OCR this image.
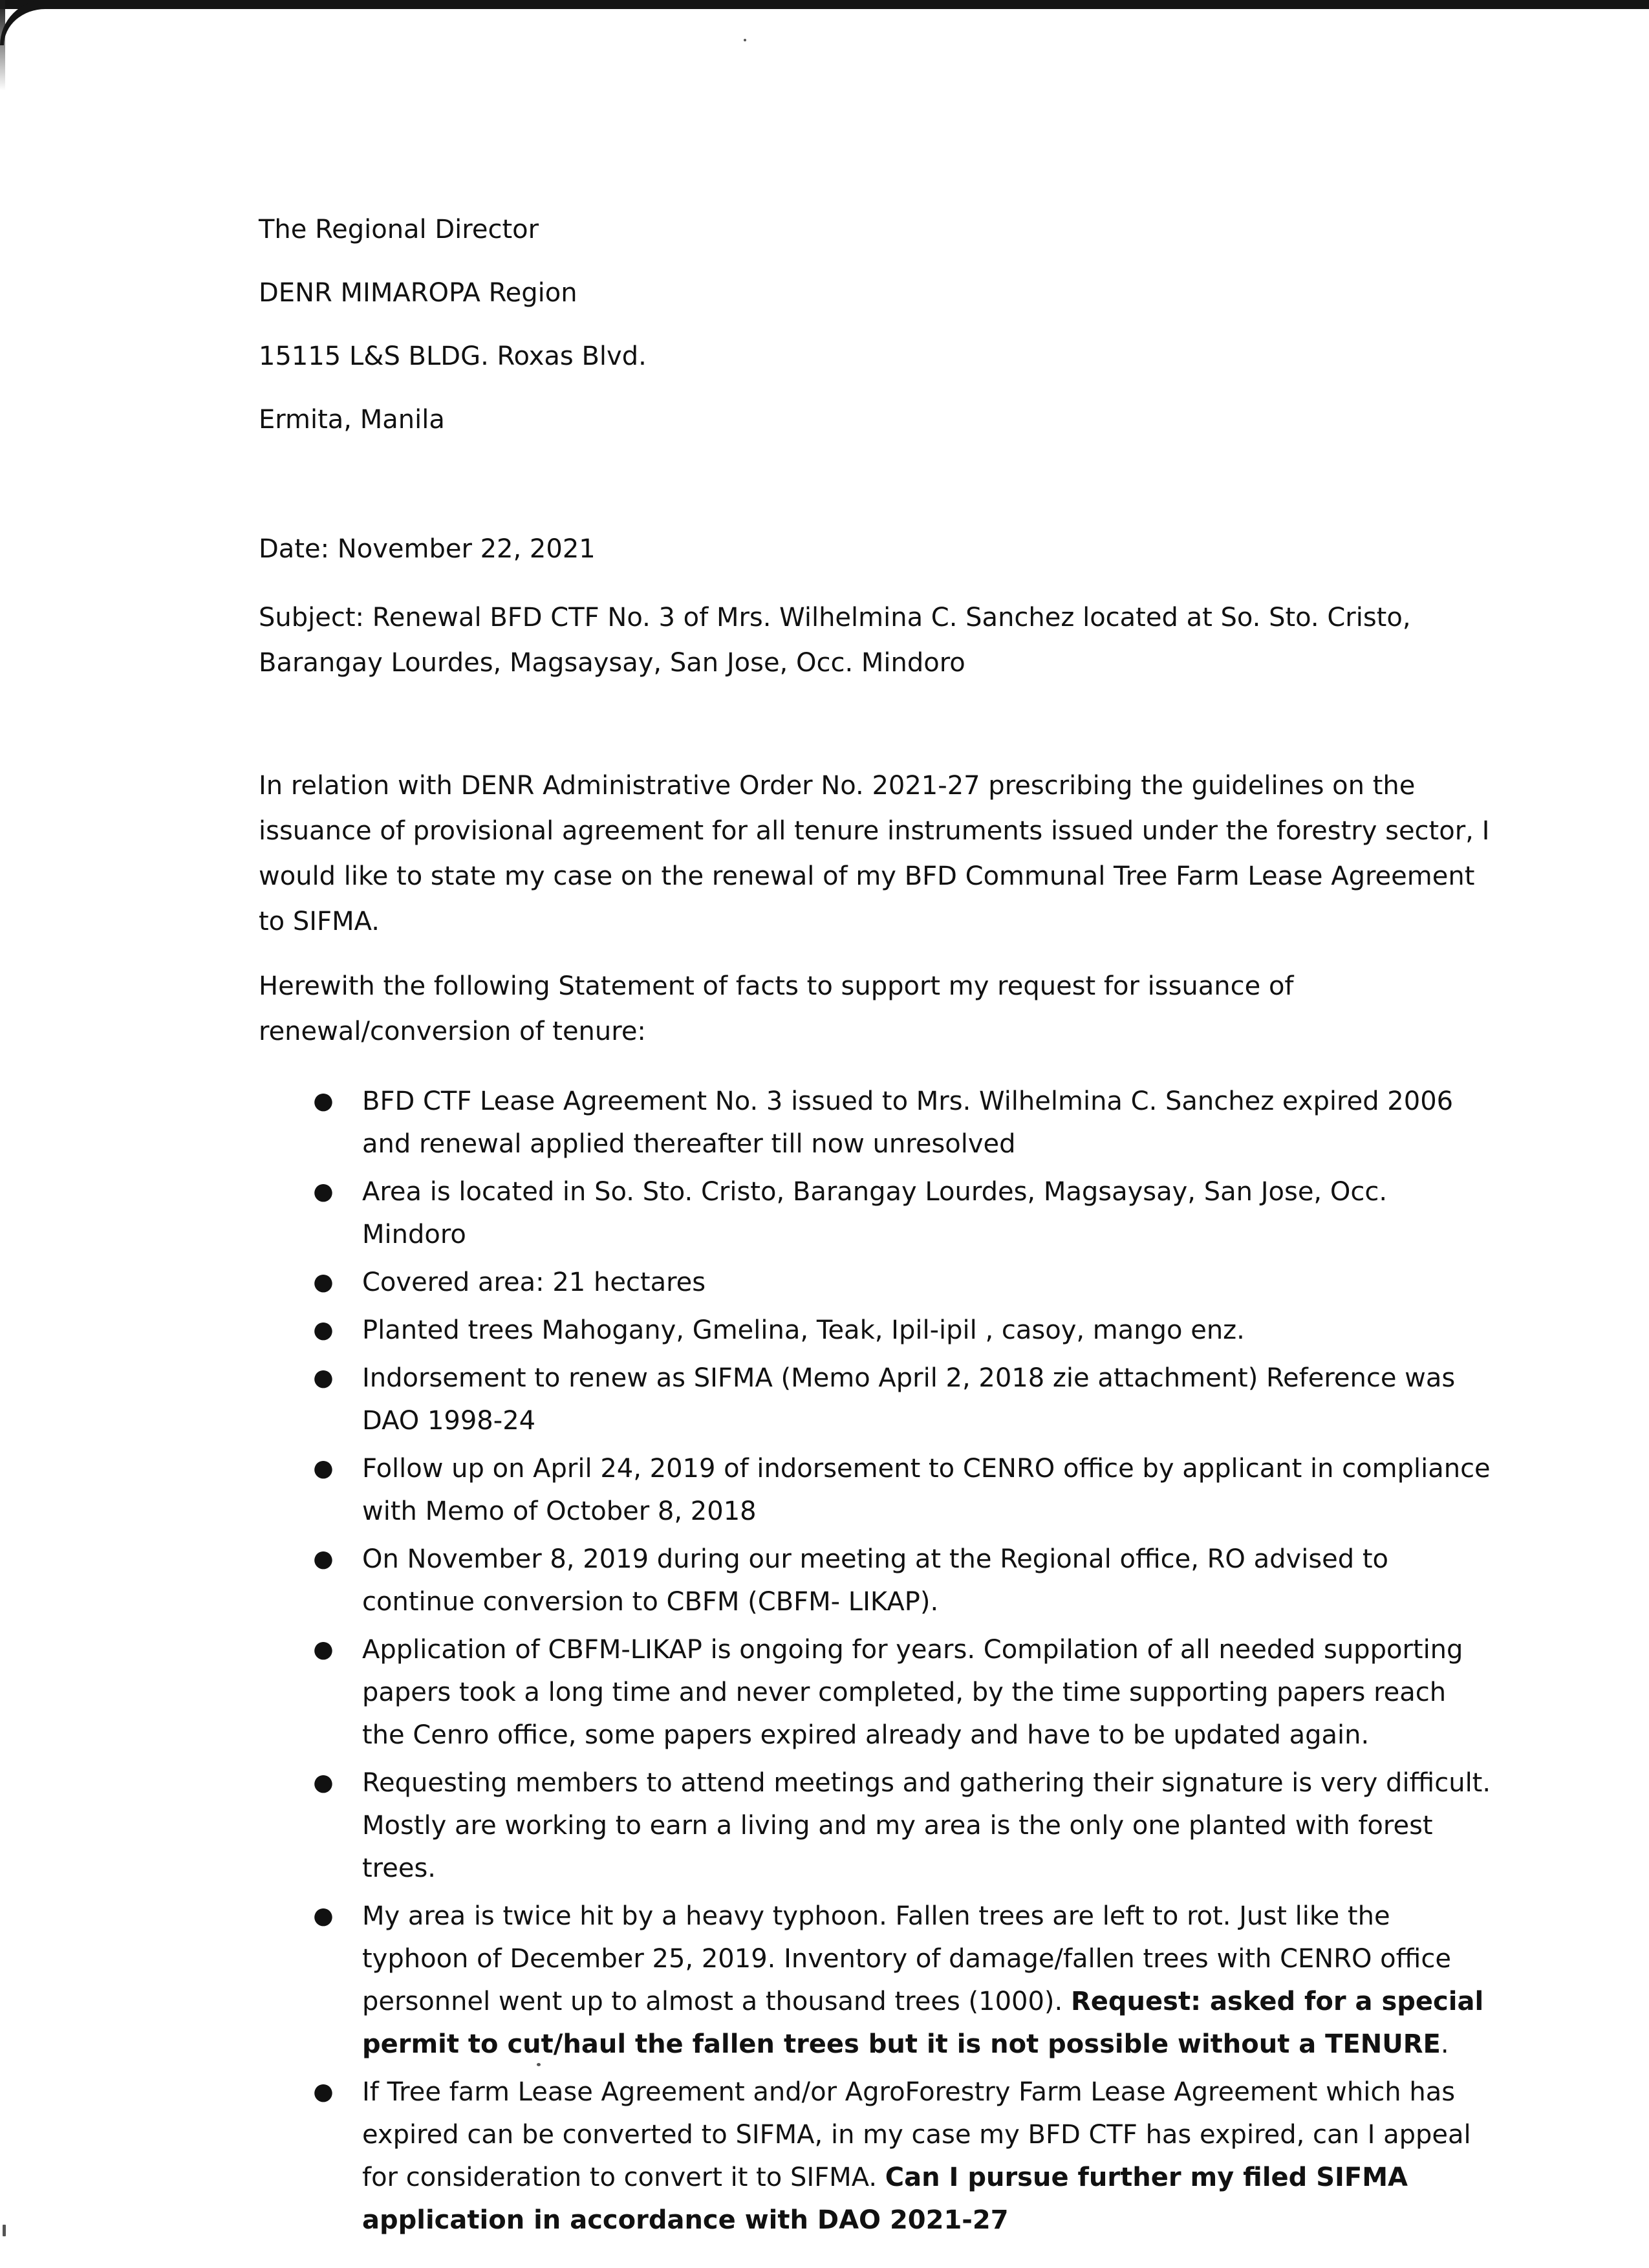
The Regional Director

DENR MIMAROPA Region

15115 L&S BLDG. Roxas Blvd.

Ermita, Manila

Date: November 22, 2021

Subject: Renewal BFD CTF No. 3 of Mrs. Wilhelmina C. Sanchez located at So. Sto. Cristo, Barangay Lourdes, Magsaysay, San Jose, Occ. Mindoro

In relation with DENR Administrative Order No. 2021-27 prescribing the guidelines on the issuance of provisional agreement for all tenure instruments issued under the forestry sector, I would like to state my case on the renewal of my BFD Communal Tree Farm Lease Agreement to SIFMA.

Herewith the following Statement of facts to support my request for issuance of renewal/conversion of tenure:

● BFD CTF Lease Agreement No. 3 issued to Mrs. Wilhelmina C. Sanchez expired 2006 and renewal applied thereafter till now unresolved
● Area is located in So. Sto. Cristo, Barangay Lourdes, Magsaysay, San Jose, Occ. Mindoro
● Covered area: 21 hectares
● Planted trees Mahogany, Gmelina, Teak, Ipil-ipil , casoy, mango enz.
● Indorsement to renew as SIFMA (Memo April 2, 2018 zie attachment) Reference was DAO 1998-24
● Follow up on April 24, 2019 of indorsement to CENRO office by applicant in compliance with Memo of October 8, 2018
● On November 8, 2019 during our meeting at the Regional office, RO advised to continue conversion to CBFM (CBFM- LIKAP).
● Application of CBFM-LIKAP is ongoing for years. Compilation of all needed supporting papers took a long time and never completed, by the time supporting papers reach the Cenro office, some papers expired already and have to be updated again.
● Requesting members to attend meetings and gathering their signature is very difficult. Mostly are working to earn a living and my area is the only one planted with forest trees.
● My area is twice hit by a heavy typhoon. Fallen trees are left to rot. Just like the typhoon of December 25, 2019. Inventory of damage/fallen trees with CENRO office personnel went up to almost a thousand trees (1000). Request: asked for a special permit to cut/haul the fallen trees but it is not possible without a TENURE.
● If Tree farm Lease Agreement and/or AgroForestry Farm Lease Agreement which has expired can be converted to SIFMA, in my case my BFD CTF has expired, can I appeal for consideration to convert it to SIFMA. Can I pursue further my filed SIFMA application in accordance with DAO 2021-27
